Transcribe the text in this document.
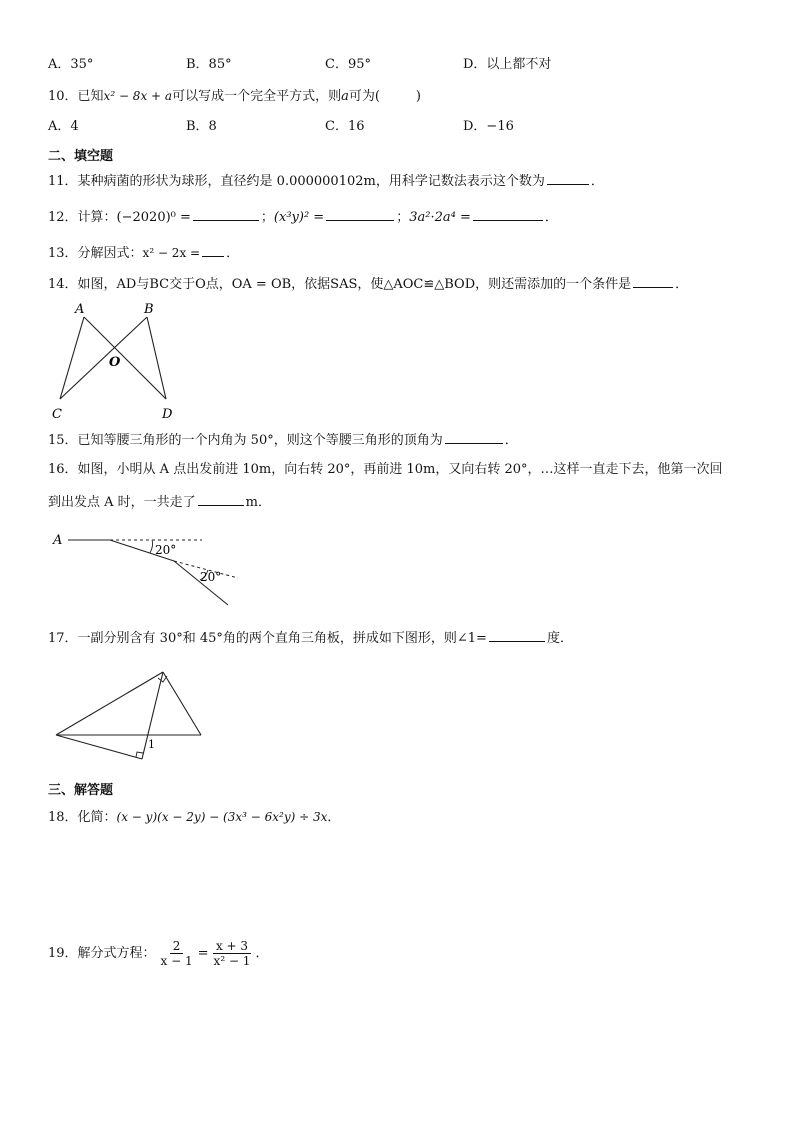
A．35°	B．85°	C．95°	D．以上都不对
10．已知x² − 8x + a可以写成一个完全平方式，则a可为(	)
A．4	B．8	C．16	D．−16
二、填空题
11．某种病菌的形状为球形，直径约是 0.000000102m，用科学记数法表示这个数为	．
12．计算：(−2020)⁰ =	；(x³y)² =	；3a²·2a⁴ =	．
13．分解因式：x² − 2x = ．
14．如图，AD与BC交于O点，OA = OB，依据SAS，使△AOC≌△BOD，则还需添加的一个条件是	．
A	B
O
C	D
A
20°
20°
1
15．已知等腰三角形的一个内角为 50°，则这个等腰三角形的顶角为	．
16．如图，小明从 A 点出发前进 10m，向右转 20°，再前进 10m，又向右转 20°，…这样一直走下去，他第一次回
到出发点 A 时，一共走了	m．
17．一副分别含有 30°和 45°角的两个直角三角板，拼成如下图形，则∠1=	度．
三、解答题
18．化简：(x − y)(x − 2y) − (3x³ − 6x²y) ÷ 3x．
19．解分式方程： $\frac{2}{x - 1} = \frac{x + 3}{\text{x² − 1}}$ ．
